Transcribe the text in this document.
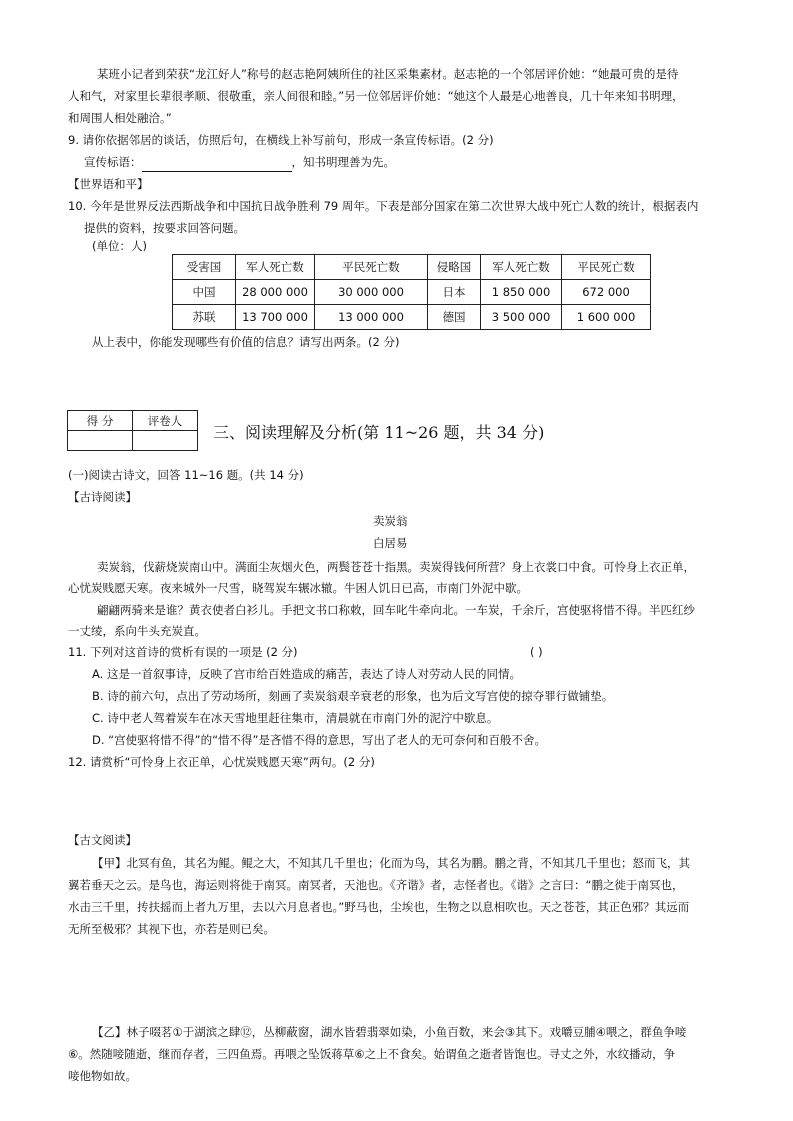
某班小记者到荣获“龙江好人”称号的赵志艳阿姨所住的社区采集素材。赵志艳的一个邻居评价她：“她最可贵的是待
人和气，对家里长辈很孝顺、很敬重，亲人间很和睦。”另一位邻居评价她：“她这个人最是心地善良，几十年来知书明理，
和周围人相处融洽。”
9. 请你依据邻居的谈话，仿照后句，在横线上补写前句，形成一条宣传标语。(2 分)
宣传标语：	，知书明理善为先。
【世界语和平】
10. 今年是世界反法西斯战争和中国抗日战争胜利 79 周年。下表是部分国家在第二次世界大战中死亡人数的统计，根据表内
提供的资料，按要求回答问题。
(单位：人)
受害国	军人死亡数	平民死亡数	侵略国	军人死亡数	平民死亡数
中国	28 000 000	30 000 000	日本	1 850 000	672 000
苏联	13 700 000	13 000 000	德国	3 500 000	1 600 000
从上表中，你能发现哪些有价值的信息？请写出两条。(2 分)
得 分	评卷人

三、阅读理解及分析(第 11~26 题，共 34 分)
(一)阅读古诗文，回答 11~16 题。(共 14 分)
【古诗阅读】
卖炭翁
白居易
卖炭翁，伐薪烧炭南山中。满面尘灰烟火色，两鬓苍苍十指黑。卖炭得钱何所营？身上衣裳口中食。可怜身上衣正单，
心忧炭贱愿天寒。夜来城外一尺雪，晓驾炭车辗冰辙。牛困人饥日已高，市南门外泥中歇。
翩翩两骑来是谁？黄衣使者白衫儿。手把文书口称敕，回车叱牛牵向北。一车炭，千余斤，宫使驱将惜不得。半匹红纱
一丈绫，系向牛头充炭直。
11. 下列对这首诗的赏析有误的一项是 (2 分)	( )
A. 这是一首叙事诗，反映了宫市给百姓造成的痛苦，表达了诗人对劳动人民的同情。
B. 诗的前六句，点出了劳动场所，刻画了卖炭翁艰辛衰老的形象，也为后文写宫使的掠夺罪行做铺垫。
C. 诗中老人驾着炭车在冰天雪地里赶往集市，清晨就在市南门外的泥泞中歇息。
D. “宫使驱将惜不得”的“惜不得”是吝惜不得的意思，写出了老人的无可奈何和百般不舍。
12. 请赏析“可怜身上衣正单，心忧炭贱愿天寒”两句。(2 分)
【古文阅读】
【甲】北冥有鱼，其名为鲲。鲲之大，不知其几千里也；化而为鸟，其名为鹏。鹏之背，不知其几千里也；怒而飞，其
翼若垂天之云。是鸟也，海运则将徙于南冥。南冥者，天池也。《齐谐》者，志怪者也。《谐》之言曰：“鹏之徙于南冥也，
水击三千里，抟扶摇而上者九万里，去以六月息者也。”野马也，尘埃也，生物之以息相吹也。天之苍苍，其正色邪？其远而
无所至极邪？其视下也，亦若是则已矣。
【乙】林子啜茗①于湖滨之肆⑫，丛柳蔽窗，湖水皆碧翡翠如染，小鱼百数，来会③其下。戏嚼豆脯④喂之，群鱼争唼
⑥。然随唼随逝，继而存者，三四鱼焉。再喂之坠饭蒋草⑥之上不食矣。始谓鱼之逝者皆饱也。寻丈之外，水纹播动，争
唼他物如故。
